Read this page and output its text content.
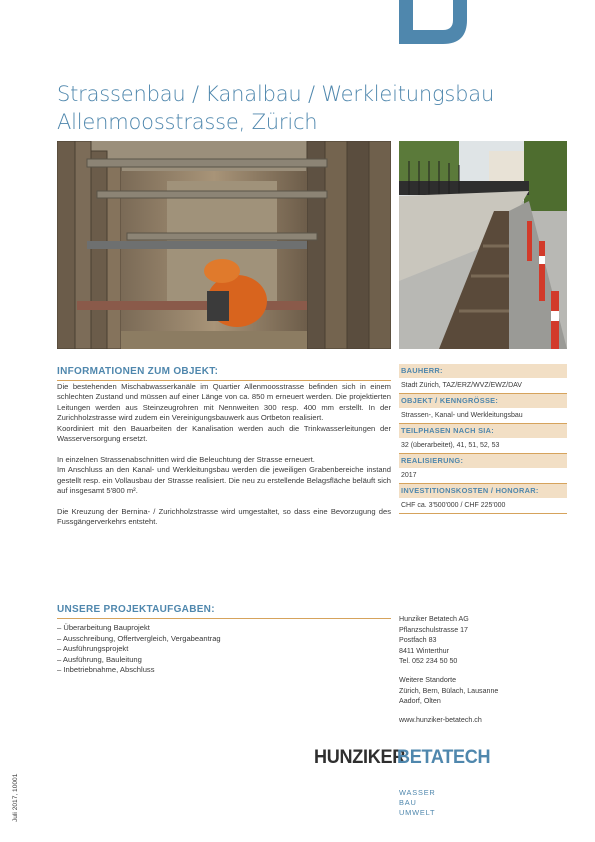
Strassenbau / Kanalbau / Werkleitungsbau
Allenmoosstrasse, Zürich
INFORMATIONEN ZUM OBJEKT:

Die bestehenden Mischabwasserkanäle im Quartier Allenmoosstrasse befinden sich in einem schlechten Zustand und müssen auf einer Länge von ca. 850 m erneuert werden. Die projektierten Leitungen werden aus Steinzeugrohren mit Nennweiten 300 resp. 400 mm erstellt. In der Zurichholzstrasse wird zudem ein Vereinigungsbauwerk aus Ortbeton realisiert.

Koordiniert mit den Bauarbeiten der Kanalisation werden auch die Trinkwasserleitungen der Wasserversorgung ersetzt.

In einzelnen Strassenabschnitten wird die Beleuchtung der Strasse erneuert.

Im Anschluss an den Kanal- und Werkleitungsbau werden die jeweiligen Grabenbereiche instand gestellt resp. ein Vollausbau der Strasse realisiert. Die neu zu erstellende Belagsfläche beläuft sich auf insgesamt 5'800 m².

Die Kreuzung der Bernina- / Zurichholzstrasse wird umgestaltet, so dass eine Bevorzugung des Fussgängerverkehrs entsteht.

BAUHERR:
Stadt Zürich, TAZ/ERZ/WVZ/EWZ/DAV
OBJEKT / KENNGRÖSSE:
Strassen-, Kanal- und Werkleitungsbau
TEILPHASEN NACH SIA:
32 (überarbeitet), 41, 51, 52, 53
REALISIERUNG:
2017
INVESTITIONSKOSTEN / HONORAR:
CHF ca. 3'500'000 / CHF 225'000
UNSERE PROJEKTAUFGABEN:
– Überarbeitung Bauprojekt
– Ausschreibung, Offertvergleich, Vergabeantrag
– Ausführungsprojekt
– Ausführung, Bauleitung
– Inbetriebnahme, Abschluss
Hunziker Betatech AG
Pflanzschulstrasse 17
Postfach 83
8411 Winterthur
Tel. 052 234 50 50
Weitere Standorte
Zürich, Bern, Bülach, Lausanne
Aadorf, Olten
www.hunziker-betatech.ch
HUNZIKER
BETATECH
WASSER
BAU
UMWELT
Juli 2017, 10001
